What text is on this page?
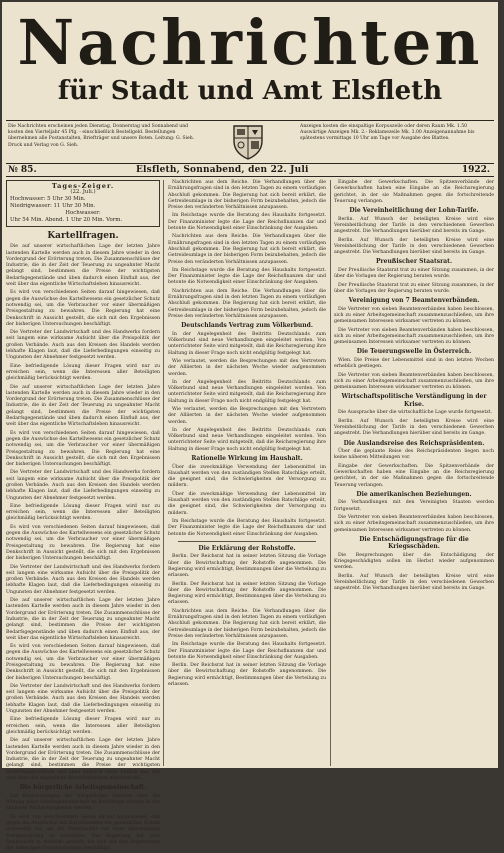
Nachrichten
für Stadt und Amt Elsfleth
Die Nachrichten erscheinen jeden Dienstag, Donnerstag und Sonnabend und kosten den Vierteljahr 45 Pfg. - einschließlich Bestellgeld. Bestellungen übernehmen alle Postanstalten, Briefträger und unsere Boten. Leitung: G. Sieh. Druck und Verlag von G. Sieh.
Anzeigen kosten die einspaltige Korpuszeile oder deren Raum Mk. 1.50 Auswärtige Anzeigen Mk. 2.- Reklamezeile Mk. 3.00 Anzeigenannahme bis spätestens vormittags 10 Uhr am Tage vor Ausgabe des Blattes.
№ 85.	Elsfleth, Sonnabend, den 22. Juli	1922.
Tages-Zeiger.
(22. Juli.)
Hochwasser: 5 Uhr 30 Min.
Niedrigwasser: 11 Uhr 30 Min.
Hochwasser:
Uhr 54 Min. Abend. 1 Uhr 20 Min. Vorm.
Kartellfragen.

Die auf unserer wirtschaftlichen Lage der letzten Jahre lastenden Kartelle werden auch in diesem Jahre wieder in den Vordergrund der Erörterung treten. Die Zusammenschlüsse der Industrie, die in der Zeit der Teuerung zu ungeahnter Macht gelangt sind, bestimmen die Preise der wichtigsten Bedarfsgegenstände und üben dadurch einen Einfluß aus, der weit über das eigentliche Wirtschaftsleben hinausreicht.

Es wird von verschiedenen Seiten darauf hingewiesen, daß gegen die Auswüchse des Kartellwesens ein gesetzlicher Schutz notwendig sei, um die Verbraucher vor einer übermäßigen Preisgestaltung zu bewahren. Die Regierung hat eine Denkschrift in Aussicht gestellt, die sich mit den Ergebnissen der bisherigen Untersuchungen beschäftigt.

Die Vertreter der Landwirtschaft und des Handwerks fordern seit langem eine wirksame Aufsicht über die Preispolitik der großen Verbände. Auch aus den Kreisen des Handels werden lebhafte Klagen laut, daß die Lieferbedingungen einseitig zu Ungunsten der Abnehmer festgesetzt werden.

Eine befriedigende Lösung dieser Fragen wird nur zu erreichen sein, wenn die Interessen aller Beteiligten gleichmäßig berücksichtigt werden.

Die auf unserer wirtschaftlichen Lage der letzten Jahre lastenden Kartelle werden auch in diesem Jahre wieder in den Vordergrund der Erörterung treten. Die Zusammenschlüsse der Industrie, die in der Zeit der Teuerung zu ungeahnter Macht gelangt sind, bestimmen die Preise der wichtigsten Bedarfsgegenstände und üben dadurch einen Einfluß aus, der weit über das eigentliche Wirtschaftsleben hinausreicht.

Es wird von verschiedenen Seiten darauf hingewiesen, daß gegen die Auswüchse des Kartellwesens ein gesetzlicher Schutz notwendig sei, um die Verbraucher vor einer übermäßigen Preisgestaltung zu bewahren. Die Regierung hat eine Denkschrift in Aussicht gestellt, die sich mit den Ergebnissen der bisherigen Untersuchungen beschäftigt.

Die Vertreter der Landwirtschaft und des Handwerks fordern seit langem eine wirksame Aufsicht über die Preispolitik der großen Verbände. Auch aus den Kreisen des Handels werden lebhafte Klagen laut, daß die Lieferbedingungen einseitig zu Ungunsten der Abnehmer festgesetzt werden.

Eine befriedigende Lösung dieser Fragen wird nur zu erreichen sein, wenn die Interessen aller Beteiligten gleichmäßig berücksichtigt werden.

Es wird von verschiedenen Seiten darauf hingewiesen, daß gegen die Auswüchse des Kartellwesens ein gesetzlicher Schutz notwendig sei, um die Verbraucher vor einer übermäßigen Preisgestaltung zu bewahren. Die Regierung hat eine Denkschrift in Aussicht gestellt, die sich mit den Ergebnissen der bisherigen Untersuchungen beschäftigt.

Die Vertreter der Landwirtschaft und des Handwerks fordern seit langem eine wirksame Aufsicht über die Preispolitik der großen Verbände. Auch aus den Kreisen des Handels werden lebhafte Klagen laut, daß die Lieferbedingungen einseitig zu Ungunsten der Abnehmer festgesetzt werden.

Die auf unserer wirtschaftlichen Lage der letzten Jahre lastenden Kartelle werden auch in diesem Jahre wieder in den Vordergrund der Erörterung treten. Die Zusammenschlüsse der Industrie, die in der Zeit der Teuerung zu ungeahnter Macht gelangt sind, bestimmen die Preise der wichtigsten Bedarfsgegenstände und üben dadurch einen Einfluß aus, der weit über das eigentliche Wirtschaftsleben hinausreicht.

Es wird von verschiedenen Seiten darauf hingewiesen, daß gegen die Auswüchse des Kartellwesens ein gesetzlicher Schutz notwendig sei, um die Verbraucher vor einer übermäßigen Preisgestaltung zu bewahren. Die Regierung hat eine Denkschrift in Aussicht gestellt, die sich mit den Ergebnissen der bisherigen Untersuchungen beschäftigt.

Die Vertreter der Landwirtschaft und des Handwerks fordern seit langem eine wirksame Aufsicht über die Preispolitik der großen Verbände. Auch aus den Kreisen des Handels werden lebhafte Klagen laut, daß die Lieferbedingungen einseitig zu Ungunsten der Abnehmer festgesetzt werden.

Eine befriedigende Lösung dieser Fragen wird nur zu erreichen sein, wenn die Interessen aller Beteiligten gleichmäßig berücksichtigt werden.

Die auf unserer wirtschaftlichen Lage der letzten Jahre lastenden Kartelle werden auch in diesem Jahre wieder in den Vordergrund der Erörterung treten. Die Zusammenschlüsse der Industrie, die in der Zeit der Teuerung zu ungeahnter Macht gelangt sind, bestimmen die Preise der wichtigsten Bedarfsgegenstände und üben dadurch einen Einfluß aus, der weit über das eigentliche Wirtschaftsleben hinausreicht.

Die bürgerliche Arbeitsgemeinschaft.

Die Besprechungen der bürgerlichen Parteien über die Bildung einer Arbeitsgemeinschaft im Reichstage werden in der nächsten Woche fortgesetzt werden.

Es wird von verschiedenen Seiten darauf hingewiesen, daß gegen die Auswüchse des Kartellwesens ein gesetzlicher Schutz notwendig sei, um die Verbraucher vor einer übermäßigen Preisgestaltung zu bewahren. Die Regierung hat eine Denkschrift in Aussicht gestellt, die sich mit den Ergebnissen der bisherigen Untersuchungen beschäftigt.

Nachrichten aus dem Reiche. Die Verhandlungen über die Ernährungsfragen sind in den letzten Tagen zu einem vorläufigen Abschluß gekommen. Die Regierung hat sich bereit erklärt, die Getreideumlage in der bisherigen Form beizubehalten, jedoch die Preise den veränderten Verhältnissen anzupassen.

Im Reichstage wurde die Beratung des Haushalts fortgesetzt. Der Finanzminister legte die Lage der Reichsfinanzen dar und betonte die Notwendigkeit einer Einschränkung der Ausgaben.

Nachrichten aus dem Reiche. Die Verhandlungen über die Ernährungsfragen sind in den letzten Tagen zu einem vorläufigen Abschluß gekommen. Die Regierung hat sich bereit erklärt, die Getreideumlage in der bisherigen Form beizubehalten, jedoch die Preise den veränderten Verhältnissen anzupassen.

Im Reichstage wurde die Beratung des Haushalts fortgesetzt. Der Finanzminister legte die Lage der Reichsfinanzen dar und betonte die Notwendigkeit einer Einschränkung der Ausgaben.

Nachrichten aus dem Reiche. Die Verhandlungen über die Ernährungsfragen sind in den letzten Tagen zu einem vorläufigen Abschluß gekommen. Die Regierung hat sich bereit erklärt, die Getreideumlage in der bisherigen Form beizubehalten, jedoch die Preise den veränderten Verhältnissen anzupassen.

Deutschlands Vertrag zum Völkerbund.

In der Angelegenheit des Beitritts Deutschlands zum Völkerbund sind neue Verhandlungen eingeleitet worden. Von unterrichteter Seite wird mitgeteilt, daß die Reichsregierung ihre Haltung in dieser Frage noch nicht endgültig festgelegt hat.

Wie verlautet, werden die Besprechungen mit den Vertretern der Alliierten in der nächsten Woche wieder aufgenommen werden.

In der Angelegenheit des Beitritts Deutschlands zum Völkerbund sind neue Verhandlungen eingeleitet worden. Von unterrichteter Seite wird mitgeteilt, daß die Reichsregierung ihre Haltung in dieser Frage noch nicht endgültig festgelegt hat.

Wie verlautet, werden die Besprechungen mit den Vertretern der Alliierten in der nächsten Woche wieder aufgenommen werden.

In der Angelegenheit des Beitritts Deutschlands zum Völkerbund sind neue Verhandlungen eingeleitet worden. Von unterrichteter Seite wird mitgeteilt, daß die Reichsregierung ihre Haltung in dieser Frage noch nicht endgültig festgelegt hat.

Rationelle Wirkung im Haushalt.

Über die zweckmäßige Verwendung der Lebensmittel im Haushalt werden von den zuständigen Stellen Ratschläge erteilt, die geeignet sind, die Schwierigkeiten der Versorgung zu mildern.

Über die zweckmäßige Verwendung der Lebensmittel im Haushalt werden von den zuständigen Stellen Ratschläge erteilt, die geeignet sind, die Schwierigkeiten der Versorgung zu mildern.

Im Reichstage wurde die Beratung des Haushalts fortgesetzt. Der Finanzminister legte die Lage der Reichsfinanzen dar und betonte die Notwendigkeit einer Einschränkung der Ausgaben.

Die Erklärung der Rohstoffe.

Berlin. Der Reichsrat hat in seiner letzten Sitzung die Vorlage über die Bewirtschaftung der Rohstoffe angenommen. Die Regierung wird ermächtigt, Bestimmungen über die Verteilung zu erlassen.

Berlin. Der Reichsrat hat in seiner letzten Sitzung die Vorlage über die Bewirtschaftung der Rohstoffe angenommen. Die Regierung wird ermächtigt, Bestimmungen über die Verteilung zu erlassen.

Nachrichten aus dem Reiche. Die Verhandlungen über die Ernährungsfragen sind in den letzten Tagen zu einem vorläufigen Abschluß gekommen. Die Regierung hat sich bereit erklärt, die Getreideumlage in der bisherigen Form beizubehalten, jedoch die Preise den veränderten Verhältnissen anzupassen.

Im Reichstage wurde die Beratung des Haushalts fortgesetzt. Der Finanzminister legte die Lage der Reichsfinanzen dar und betonte die Notwendigkeit einer Einschränkung der Ausgaben.

Berlin. Der Reichsrat hat in seiner letzten Sitzung die Vorlage über die Bewirtschaftung der Rohstoffe angenommen. Die Regierung wird ermächtigt, Bestimmungen über die Verteilung zu erlassen.

Eingabe der Gewerkschaften. Die Spitzenverbände der Gewerkschaften haben eine Eingabe an die Reichsregierung gerichtet, in der sie Maßnahmen gegen die fortschreitende Teuerung verlangen.

Die Vereinheitlichung der Lohn-Tarife.

Berlin. Auf Wunsch der beteiligten Kreise wird eine Vereinheitlichung der Tarife in den verschiedenen Gewerben angestrebt. Die Verhandlungen hierüber sind bereits im Gange.

Berlin. Auf Wunsch der beteiligten Kreise wird eine Vereinheitlichung der Tarife in den verschiedenen Gewerben angestrebt. Die Verhandlungen hierüber sind bereits im Gange.

Preußischer Staatsrat.

Der Preußische Staatsrat trat zu einer Sitzung zusammen, in der über die Vorlagen der Regierung beraten wurde.

Der Preußische Staatsrat trat zu einer Sitzung zusammen, in der über die Vorlagen der Regierung beraten wurde.

Vereinigung von 7 Beamtenverbänden.

Die Vertreter von sieben Beamtenverbänden haben beschlossen, sich zu einer Arbeitsgemeinschaft zusammenzuschließen, um ihre gemeinsamen Interessen wirksamer vertreten zu können.

Die Vertreter von sieben Beamtenverbänden haben beschlossen, sich zu einer Arbeitsgemeinschaft zusammenzuschließen, um ihre gemeinsamen Interessen wirksamer vertreten zu können.

Die Teuerungswelle in Österreich.

Wien. Die Preise der Lebensmittel sind in den letzten Wochen erheblich gestiegen.

Die Vertreter von sieben Beamtenverbänden haben beschlossen, sich zu einer Arbeitsgemeinschaft zusammenzuschließen, um ihre gemeinsamen Interessen wirksamer vertreten zu können.

Wirtschaftspolitische Verständigung in der Krise.

Die Aussprache über die wirtschaftliche Lage wurde fortgesetzt.

Berlin. Auf Wunsch der beteiligten Kreise wird eine Vereinheitlichung der Tarife in den verschiedenen Gewerben angestrebt. Die Verhandlungen hierüber sind bereits im Gange.

Die Auslandsreise des Reichspräsidenten.

Über die geplante Reise des Reichspräsidenten liegen noch keine näheren Mitteilungen vor.

Eingabe der Gewerkschaften. Die Spitzenverbände der Gewerkschaften haben eine Eingabe an die Reichsregierung gerichtet, in der sie Maßnahmen gegen die fortschreitende Teuerung verlangen.

Die amerikanischen Beziehungen.

Die Verhandlungen mit den Vereinigten Staaten werden fortgesetzt.

Die Vertreter von sieben Beamtenverbänden haben beschlossen, sich zu einer Arbeitsgemeinschaft zusammenzuschließen, um ihre gemeinsamen Interessen wirksamer vertreten zu können.

Die Entschädigungsfrage für die Kriegsschäden.

Die Besprechungen über die Entschädigung der Kriegsgeschädigten sollen im Herbst wieder aufgenommen werden.

Berlin. Auf Wunsch der beteiligten Kreise wird eine Vereinheitlichung der Tarife in den verschiedenen Gewerben angestrebt. Die Verhandlungen hierüber sind bereits im Gange.
